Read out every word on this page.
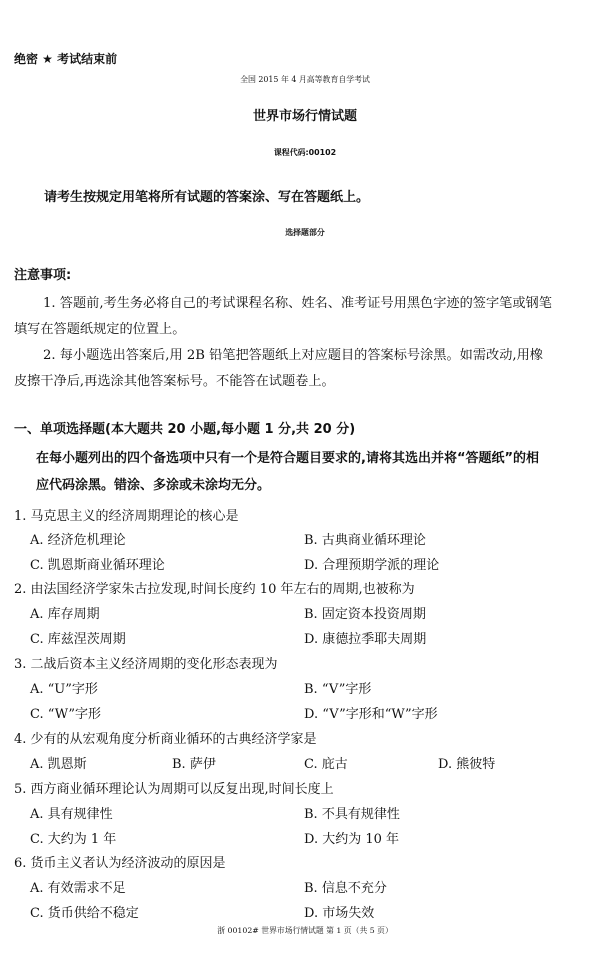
绝密 ★ 考试结束前
全国 2015 年 4 月高等教育自学考试
世界市场行情试题
课程代码:00102
请考生按规定用笔将所有试题的答案涂、写在答题纸上。
选择题部分
注意事项:
1. 答题前,考生务必将自己的考试课程名称、姓名、准考证号用黑色字迹的签字笔或钢笔
填写在答题纸规定的位置上。
2. 每小题选出答案后,用 2B 铅笔把答题纸上对应题目的答案标号涂黑。如需改动,用橡
皮擦干净后,再选涂其他答案标号。不能答在试题卷上。
一、单项选择题(本大题共 20 小题,每小题 1 分,共 20 分)
在每小题列出的四个备选项中只有一个是符合题目要求的,请将其选出并将“答题纸”的相
应代码涂黑。错涂、多涂或未涂均无分。
1. 马克思主义的经济周期理论的核心是
A. 经济危机理论	B. 古典商业循环理论
C. 凯恩斯商业循环理论	D. 合理预期学派的理论
2. 由法国经济学家朱古拉发现,时间长度约 10 年左右的周期,也被称为
A. 库存周期	B. 固定资本投资周期
C. 库兹涅茨周期	D. 康德拉季耶夫周期
3. 二战后资本主义经济周期的变化形态表现为
A. “U”字形	B. “V”字形
C. “W”字形	D. “V”字形和“W”字形
4. 少有的从宏观角度分析商业循环的古典经济学家是
A. 凯恩斯	B. 萨伊	C. 庇古	D. 熊彼特
5. 西方商业循环理论认为周期可以反复出现,时间长度上
A. 具有规律性	B. 不具有规律性
C. 大约为 1 年	D. 大约为 10 年
6. 货币主义者认为经济波动的原因是
A. 有效需求不足	B. 信息不充分
C. 货币供给不稳定	D. 市场失效
浙 00102# 世界市场行情试题 第 1 页（共 5 页）
